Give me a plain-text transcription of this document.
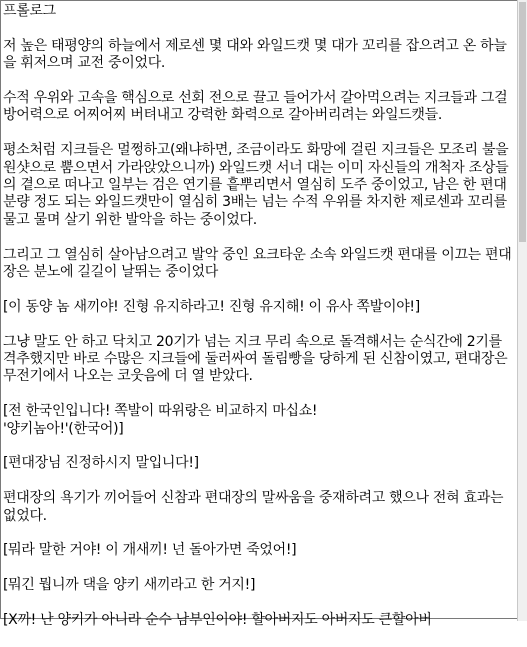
프롤로그

저 높은 태평양의 하늘에서 제로센 몇 대와 와일드캣 몇 대가 꼬리를 잡으려고 온 하늘을 휘저으며 교전 중이었다.

수적 우위와 고속을 핵심으로 선회 전으로 끌고 들어가서 갈아먹으려는 지크들과 그걸 방어력으로 어찌어찌 버텨내고 강력한 화력으로 갈아버리려는 와일드캣들.

평소처럼 지크들은 멀쩡하고(왜냐하면, 조금이라도 화망에 걸린 지크들은 모조리 불을 원샷으로 뿜으면서 가라앉았으니까) 와일드캣 서너 대는 이미 자신들의 개척자 조상들의 곁으로 떠나고 일부는 검은 연기를 흩뿌리면서 열심히 도주 중이었고, 남은 한 편대 분량 정도 되는 와일드캣만이 열심히 3배는 넘는 수적 우위를 차지한 제로센과 꼬리를 물고 물며 살기 위한 발악을 하는 중이었다.

그리고 그 열심히 살아남으려고 발악 중인 요크타운 소속 와일드캣 편대를 이끄는 편대장은 분노에 길길이 날뛰는 중이었다

[이 동양 놈 새끼야! 진형 유지하라고! 진형 유지해! 이 유사 쪽발이야!]

그냥 말도 안 하고 닥치고 20기가 넘는 지크 무리 속으로 돌격해서는 순식간에 2기를 격추했지만 바로 수많은 지크들에 둘러싸여 돌림빵을 당하게 된 신참이였고, 편대장은 무전기에서 나오는 코웃음에 더 열 받았다.

[전 한국인입니다! 쪽발이 따위랑은 비교하지 마십쇼!
'양키놈아!'(한국어)]

[편대장님 진정하시지 말입니다!]

편대장의 욕기가 끼어들어 신참과 편대장의 말싸움을 중재하려고 했으나 전혀 효과는 없었다.

[뭐라 말한 거야! 이 개새끼! 넌 돌아가면 죽었어!]

[뭐긴 뭡니까 댁을 양키 새끼라고 한 거지!]

[X까! 난 양키가 아니라 순수 남부인이야! 할아버지도 아버지도 큰할아버
